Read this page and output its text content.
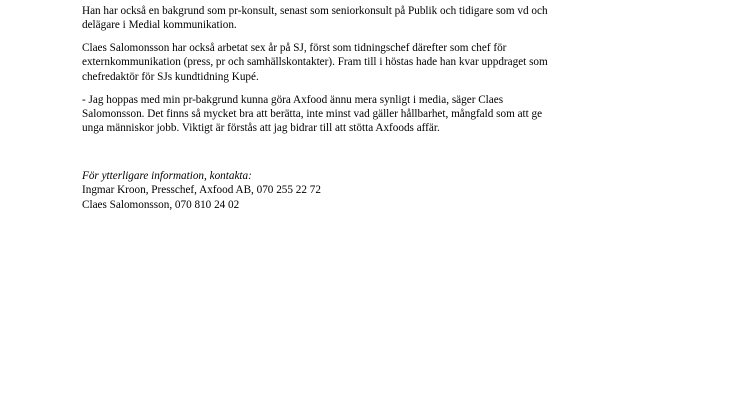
Han har också en bakgrund som pr-konsult, senast som seniorkonsult på Publik och tidigare som vd och

delägare i Medial kommunikation.

Claes Salomonsson har också arbetat sex år på SJ, först som tidningschef därefter som chef för

externkommunikation (press, pr och samhällskontakter). Fram till i höstas hade han kvar uppdraget som

chefredaktör för SJs kundtidning Kupé.

- Jag hoppas med min pr-bakgrund kunna göra Axfood ännu mera synligt i media, säger Claes

Salomonsson. Det finns så mycket bra att berätta, inte minst vad gäller hållbarhet, mångfald som att ge

unga människor jobb. Viktigt är förstås att jag bidrar till att stötta Axfoods affär.

För ytterligare information, kontakta:

Ingmar Kroon, Presschef, Axfood AB, 070 255 22 72

Claes Salomonsson, 070 810 24 02
